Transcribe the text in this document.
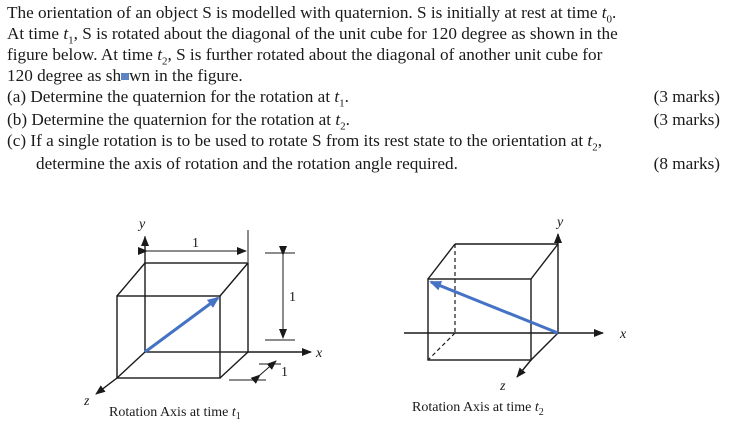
The orientation of an object S is modelled with quaternion. S is initially at rest at time $t_0$.
At time $t_1$, S is rotated about the diagonal of the unit cube for 120 degree as shown in the
figure below. At time $t_2$, S is further rotated about the diagonal of another unit cube for
120 degree as sh wn in the figure.
(a) Determine the quaternion for the rotation at $t_1$.	(3 marks)
(b) Determine the quaternion for the rotation at $t_2$.	(3 marks)
(c) If a single rotation is to be used to rotate S from its rest state to the orientation at $t_2$,
determine the axis of rotation and the rotation angle required.	(8 marks)
y
x
z
1
1
1
Rotation Axis at time $t_1$
x
y
z
Rotation Axis at time $t_2$
